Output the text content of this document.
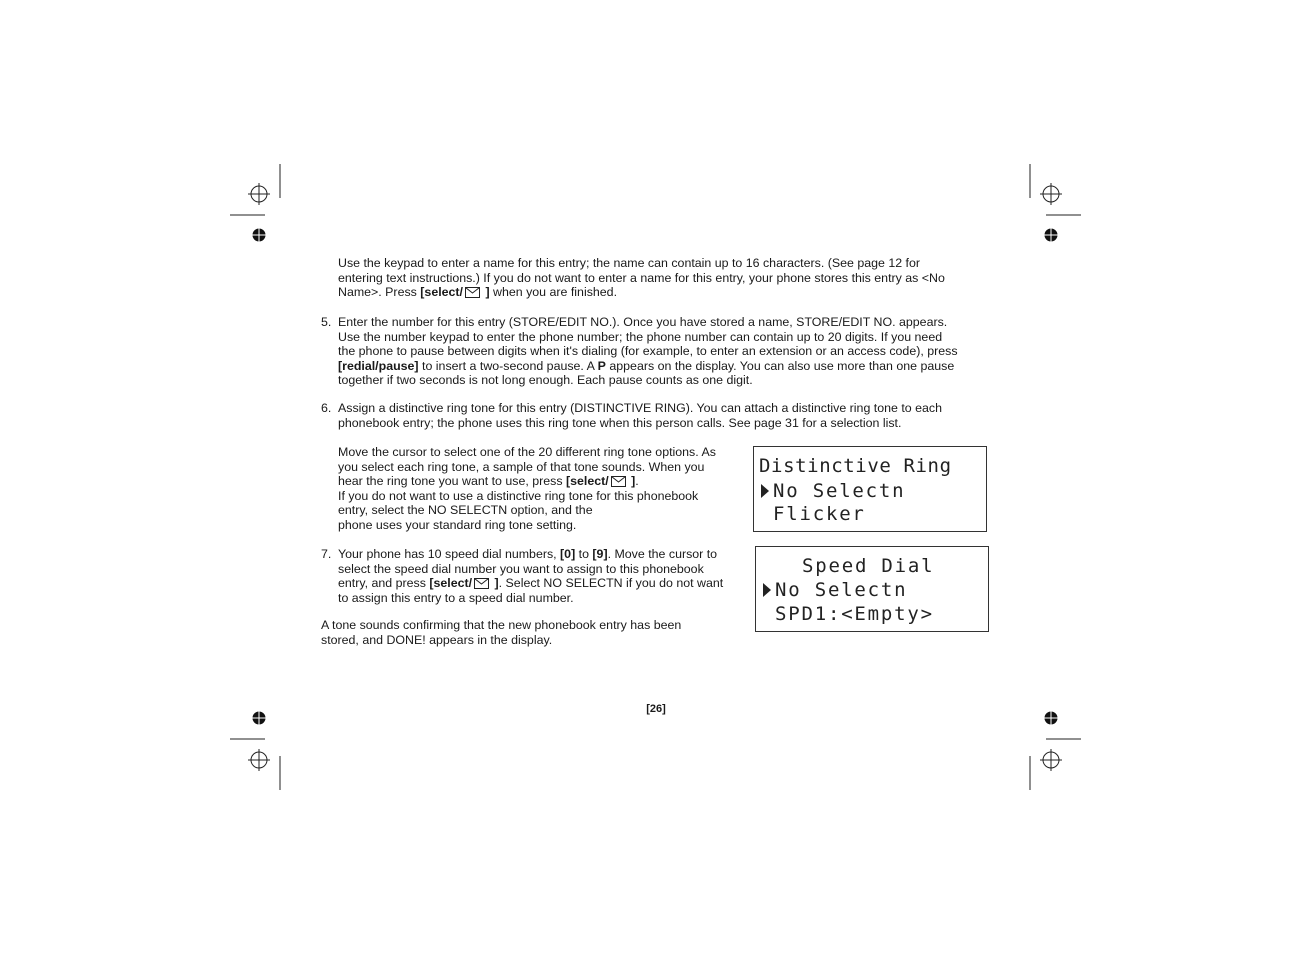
Use the keypad to enter a name for this entry; the name can contain up to 16 characters. (See page 12 for

entering text instructions.) If you do not want to enter a name for this entry, your phone stores this entry as <No

Name>. Press [select/ ] when you are finished.

5. Enter the number for this entry (STORE/EDIT NO.). Once you have stored a name, STORE/EDIT NO. appears.

Use the number keypad to enter the phone number; the phone number can contain up to 20 digits. If you need

the phone to pause between digits when it's dialing (for example, to enter an extension or an access code), press

[redial/pause] to insert a two-second pause. A P appears on the display. You can also use more than one pause

together if two seconds is not long enough. Each pause counts as one digit.

6. Assign a distinctive ring tone for this entry (DISTINCTIVE RING). You can attach a distinctive ring tone to each

phonebook entry; the phone uses this ring tone when this person calls. See page 31 for a selection list.

Move the cursor to select one of the 20 different ring tone options. As

you select each ring tone, a sample of that tone sounds. When you

hear the ring tone you want to use, press [select/ ].

If you do not want to use a distinctive ring tone for this phonebook

entry, select the NO SELECTN option, and the

phone uses your standard ring tone setting.

Distinctive Ring
No Selectn
Flicker
7. Your phone has 10 speed dial numbers, [0] to [9]. Move the cursor to

select the speed dial number you want to assign to this phonebook

entry, and press [select/ ]. Select NO SELECTN if you do not want

to assign this entry to a speed dial number.

Speed Dial
No Selectn
SPD1:<Empty>

A tone sounds confirming that the new phonebook entry has been

stored, and DONE! appears in the display.

[26]
